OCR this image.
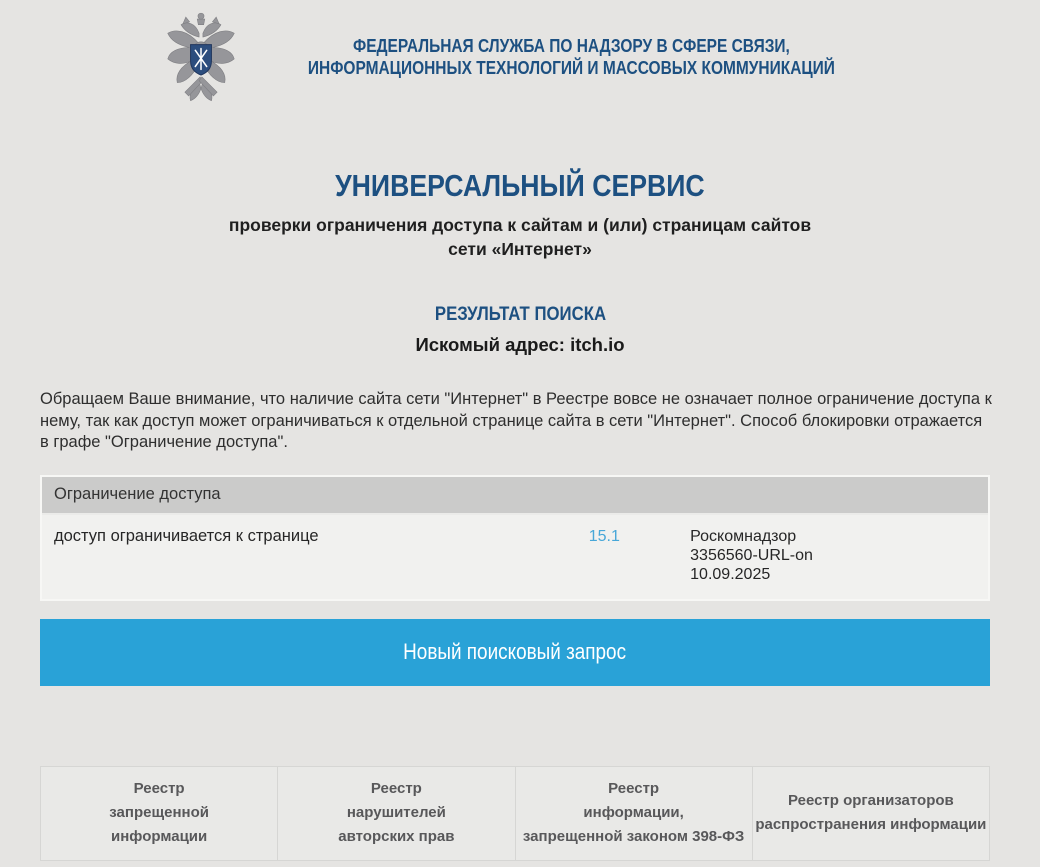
ФЕДЕРАЛЬНАЯ СЛУЖБА ПО НАДЗОРУ В СФЕРЕ СВЯЗИ,
ИНФОРМАЦИОННЫХ ТЕХНОЛОГИЙ И МАССОВЫХ КОММУНИКАЦИЙ
УНИВЕРСАЛЬНЫЙ СЕРВИС
проверки ограничения доступа к сайтам и (или) страницам сайтов
сети «Интернет»
РЕЗУЛЬТАТ ПОИСКА
Искомый адрес: itch.io

Обращаем Ваше внимание, что наличие сайта сети "Интернет" в Реестре вовсе не означает полное ограничение доступа к нему, так как доступ может ограничиваться к отдельной странице сайта в сети "Интернет". Способ блокировки отражается в графе "Ограничение доступа".

Ограничение доступа
доступ ограничивается к странице	15.1	Роскомнадзор
3356560-URL-on
10.09.2025
Новый поисковый запрос
Реестр
запрещенной
информации
Реестр
нарушителей
авторских прав
Реестр
информации,
запрещенной законом 398-ФЗ
Реестр организаторов
распространения информации
